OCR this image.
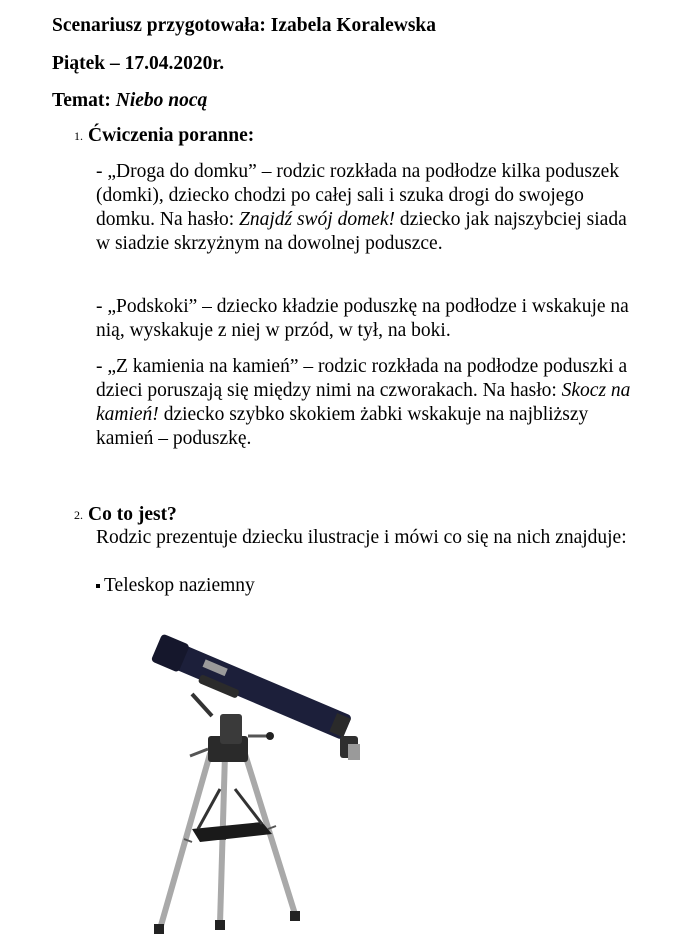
Scenariusz przygotowała: Izabela Koralewska
Piątek – 17.04.2020r.
Temat: Niebo nocą
1. Ćwiczenia poranne:
- „Droga do domku” – rodzic rozkłada na podłodze kilka poduszek (domki), dziecko chodzi po całej sali i szuka drogi do swojego domku. Na hasło: Znajdź swój domek! dziecko jak najszybciej siada w siadzie skrzyżnym na dowolnej poduszce.
- „Podskoki” – dziecko kładzie poduszkę na podłodze i wskakuje na nią, wyskakuje z niej w przód, w tył, na boki.
- „Z kamienia na kamień” – rodzic rozkłada na podłodze poduszki a dzieci poruszają się między nimi na czworakach. Na hasło: Skocz na kamień! dziecko szybko skokiem żabki wskakuje na najbliższy kamień – poduszkę.
2. Co to jest?
Rodzic prezentuje dziecku ilustracje i mówi co się na nich znajduje:
Teleskop naziemny
